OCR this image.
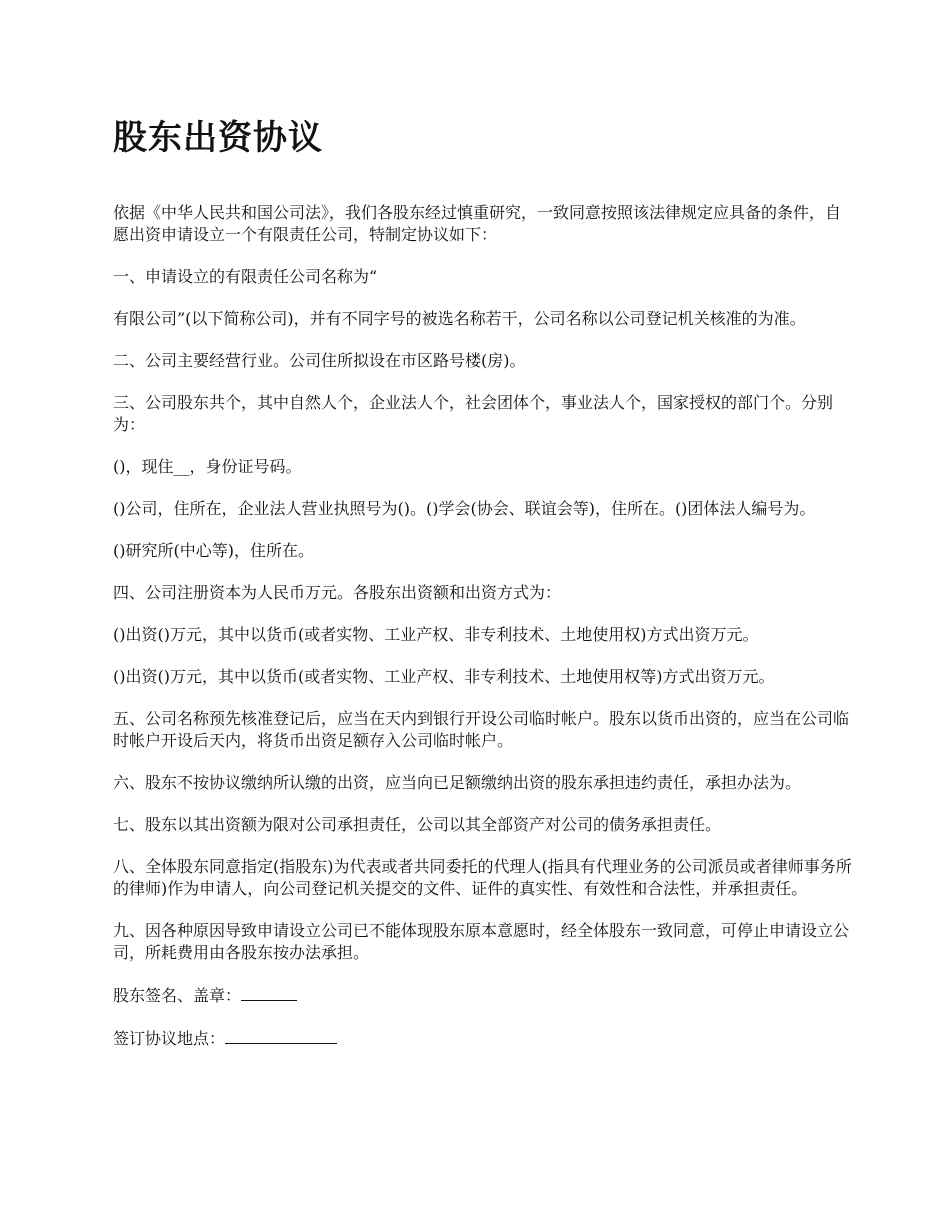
股东出资协议

依据《中华人民共和国公司法》，我们各股东经过慎重研究，一致同意按照该法律规定应具备的条件，自愿出资申请设立一个有限责任公司，特制定协议如下：

一、申请设立的有限责任公司名称为“

有限公司”(以下简称公司)，并有不同字号的被选名称若干，公司名称以公司登记机关核准的为准。

二、公司主要经营行业。公司住所拟设在市区路号楼(房)。

三、公司股东共个，其中自然人个，企业法人个，社会团体个，事业法人个，国家授权的部门个。分别为：

()，现住__，身份证号码。

()公司，住所在，企业法人营业执照号为()。()学会(协会、联谊会等)，住所在。()团体法人编号为。

()研究所(中心等)，住所在。

四、公司注册资本为人民币万元。各股东出资额和出资方式为：

()出资()万元，其中以货币(或者实物、工业产权、非专利技术、土地使用权)方式出资万元。

()出资()万元，其中以货币(或者实物、工业产权、非专利技术、土地使用权等)方式出资万元。

五、公司名称预先核准登记后，应当在天内到银行开设公司临时帐户。股东以货币出资的，应当在公司临时帐户开设后天内，将货币出资足额存入公司临时帐户。

六、股东不按协议缴纳所认缴的出资，应当向已足额缴纳出资的股东承担违约责任，承担办法为。

七、股东以其出资额为限对公司承担责任，公司以其全部资产对公司的债务承担责任。

八、全体股东同意指定(指股东)为代表或者共同委托的代理人(指具有代理业务的公司派员或者律师事务所的律师)作为申请人，向公司登记机关提交的文件、证件的真实性、有效性和合法性，并承担责任。

九、因各种原因导致申请设立公司已不能体现股东原本意愿时，经全体股东一致同意，可停止申请设立公司，所耗费用由各股东按办法承担。

股东签名、盖章：

签订协议地点：
